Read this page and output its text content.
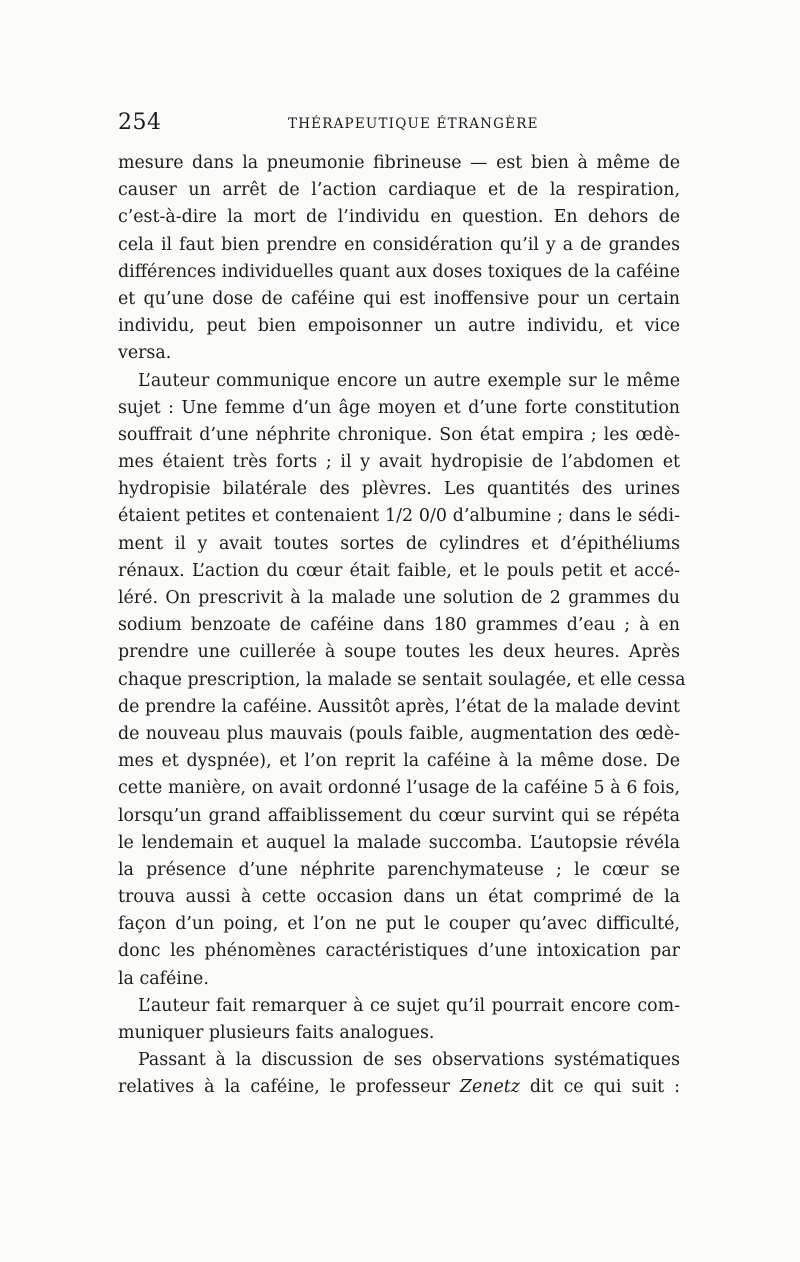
254	THÉRAPEUTIQUE ÉTRANGÈRE
mesure dans la pneumonie fibrineuse — est bien à même de
causer un arrêt de l’action cardiaque et de la respiration,
c’est-à-dire la mort de l’individu en question. En dehors de
cela il faut bien prendre en considération qu’il y a de grandes
différences individuelles quant aux doses toxiques de la caféine
et qu’une dose de caféine qui est inoffensive pour un certain
individu, peut bien empoisonner un autre individu, et vice
versa.
L’auteur communique encore un autre exemple sur le même
sujet : Une femme d’un âge moyen et d’une forte constitution
souffrait d’une néphrite chronique. Son état empira ; les œdè-
mes étaient très forts ; il y avait hydropisie de l’abdomen et
hydropisie bilatérale des plèvres. Les quantités des urines
étaient petites et contenaient 1/2 0/0 d’albumine ; dans le sédi-
ment il y avait toutes sortes de cylindres et d’épithéliums
rénaux. L’action du cœur était faible, et le pouls petit et accé-
léré. On prescrivit à la malade une solution de 2 grammes du
sodium benzoate de caféine dans 180 grammes d’eau ; à en
prendre une cuillerée à soupe toutes les deux heures. Après
chaque prescription, la malade se sentait soulagée, et elle cessa
de prendre la caféine. Aussitôt après, l’état de la malade devint
de nouveau plus mauvais (pouls faible, augmentation des œdè-
mes et dyspnée), et l’on reprit la caféine à la même dose. De
cette manière, on avait ordonné l’usage de la caféine 5 à 6 fois,
lorsqu’un grand affaiblissement du cœur survint qui se répéta
le lendemain et auquel la malade succomba. L’autopsie révéla
la présence d’une néphrite parenchymateuse ; le cœur se
trouva aussi à cette occasion dans un état comprimé de la
façon d’un poing, et l’on ne put le couper qu’avec difficulté,
donc les phénomènes caractéristiques d’une intoxication par
la caféine.
L’auteur fait remarquer à ce sujet qu’il pourrait encore com-
muniquer plusieurs faits analogues.
Passant à la discussion de ses observations systématiques
relatives à la caféine, le professeur Zenetz dit ce qui suit :
